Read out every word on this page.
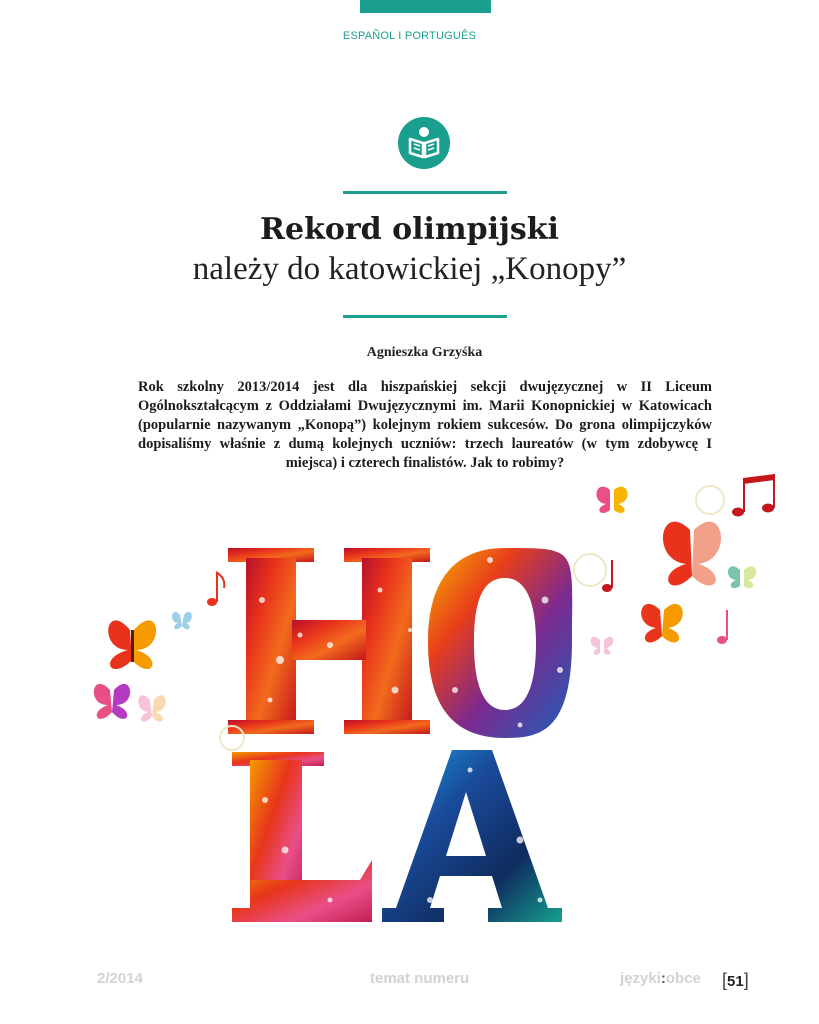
ESPAÑOL I PORTUGUÊS
Rekord olimpijski
należy do katowickiej „Konopy”
Agnieszka Grzyśka
Rok szkolny 2013/2014 jest dla hiszpańskiej sekcji dwujęzycznej w II Liceum Ogólnokształcącym z Oddziałami Dwujęzycznymi im. Marii Konopnickiej w Katowicach (popularnie nazywanym „Konopą”) kolejnym rokiem sukcesów. Do grona olimpijczyków dopisaliśmy właśnie z dumą kolejnych uczniów: trzech laureatów (w tym zdobywcę I miejsca) i czterech finalistów. Jak to robimy?
2/2014	temat numeru	języki:obce [51]
